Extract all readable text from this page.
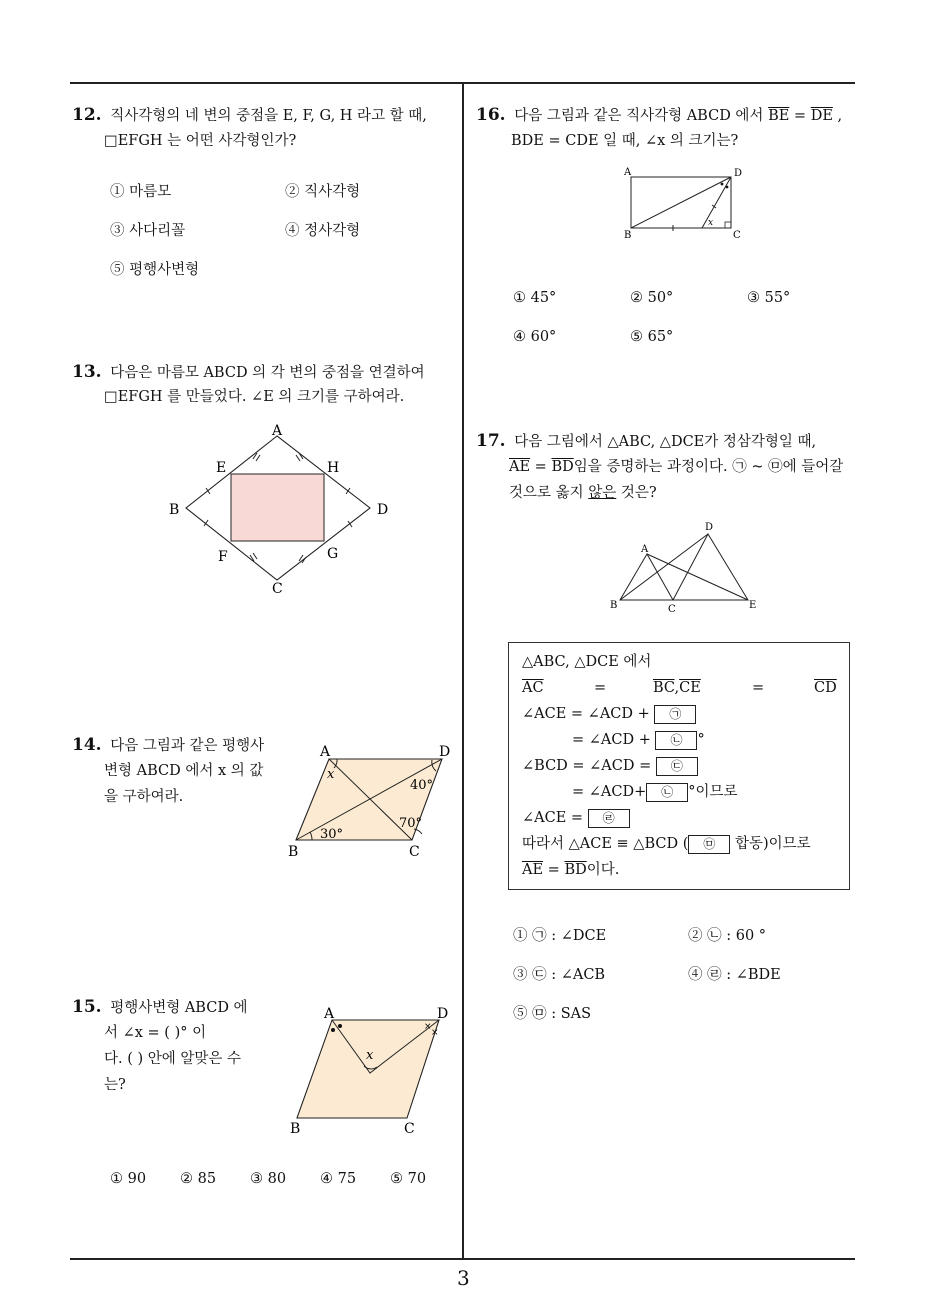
3
12. 직사각형의 네 변의 중점을 E, F, G, H 라고 할 때,
□EFGH 는 어떤 사각형인가?
① 마름모	② 직사각형
③ 사다리꼴	④ 정사각형
⑤ 평행사변형
13. 다음은 마름모 ABCD 의 각 변의 중점을 연결하여
□EFGH 를 만들었다. ∠E 의 크기를 구하여라.
A
B
C
D
E
F	G
H
14. 다음 그림과 같은 평행사
변형 ABCD 에서 x 의 값
을 구하여라.
A	D
B	C
x
40°
70°
30°
15. 평행사변형 ABCD 에
서 ∠x = ( )° 이
다. ( ) 안에 알맞은 수
는?
×
×
A	D
B	C
x
① 90 ② 85 ③ 80 ④ 75 ⑤ 70
16. 다음 그림과 같은 직사각형 ABCD 에서 $\overline{BE} = \overline{DE}$ ,
BDE = CDE 일 때, ∠x 의 크기는?
A	D
B	C
x
① 45°	② 50°	③ 55°
④ 60°	⑤ 65°
17. 다음 그림에서 △ABC, △DCE가 정삼각형일 때,
$\overline{AE} = \overline{BD}$임을 증명하는 과정이다. ㉠ ~ ㉤에 들어갈
것으로 옳지 않은 것은?
A
B	C
D
E
△ABC, △DCE 에서
$\overline{AC}$	=	$\overline{BC},\overline{CE}$	=	$\overline{CD}$
∠ACE = ∠ACD + ㉠
= ∠ACD + ㉡ °
∠BCD = ∠ACD = ㉢
= ∠ACD+ ㉡ °이므로
∠ACE = ㉣
따라서 △ACE ≡ △BCD ( ㉤ 합동)이므로
$\overline{AE} = \overline{BD}$이다.
① ㉠ : ∠DCE	② ㉡ : 60 °
③ ㉢ : ∠ACB	④ ㉣ : ∠BDE
⑤ ㉤ : SAS
